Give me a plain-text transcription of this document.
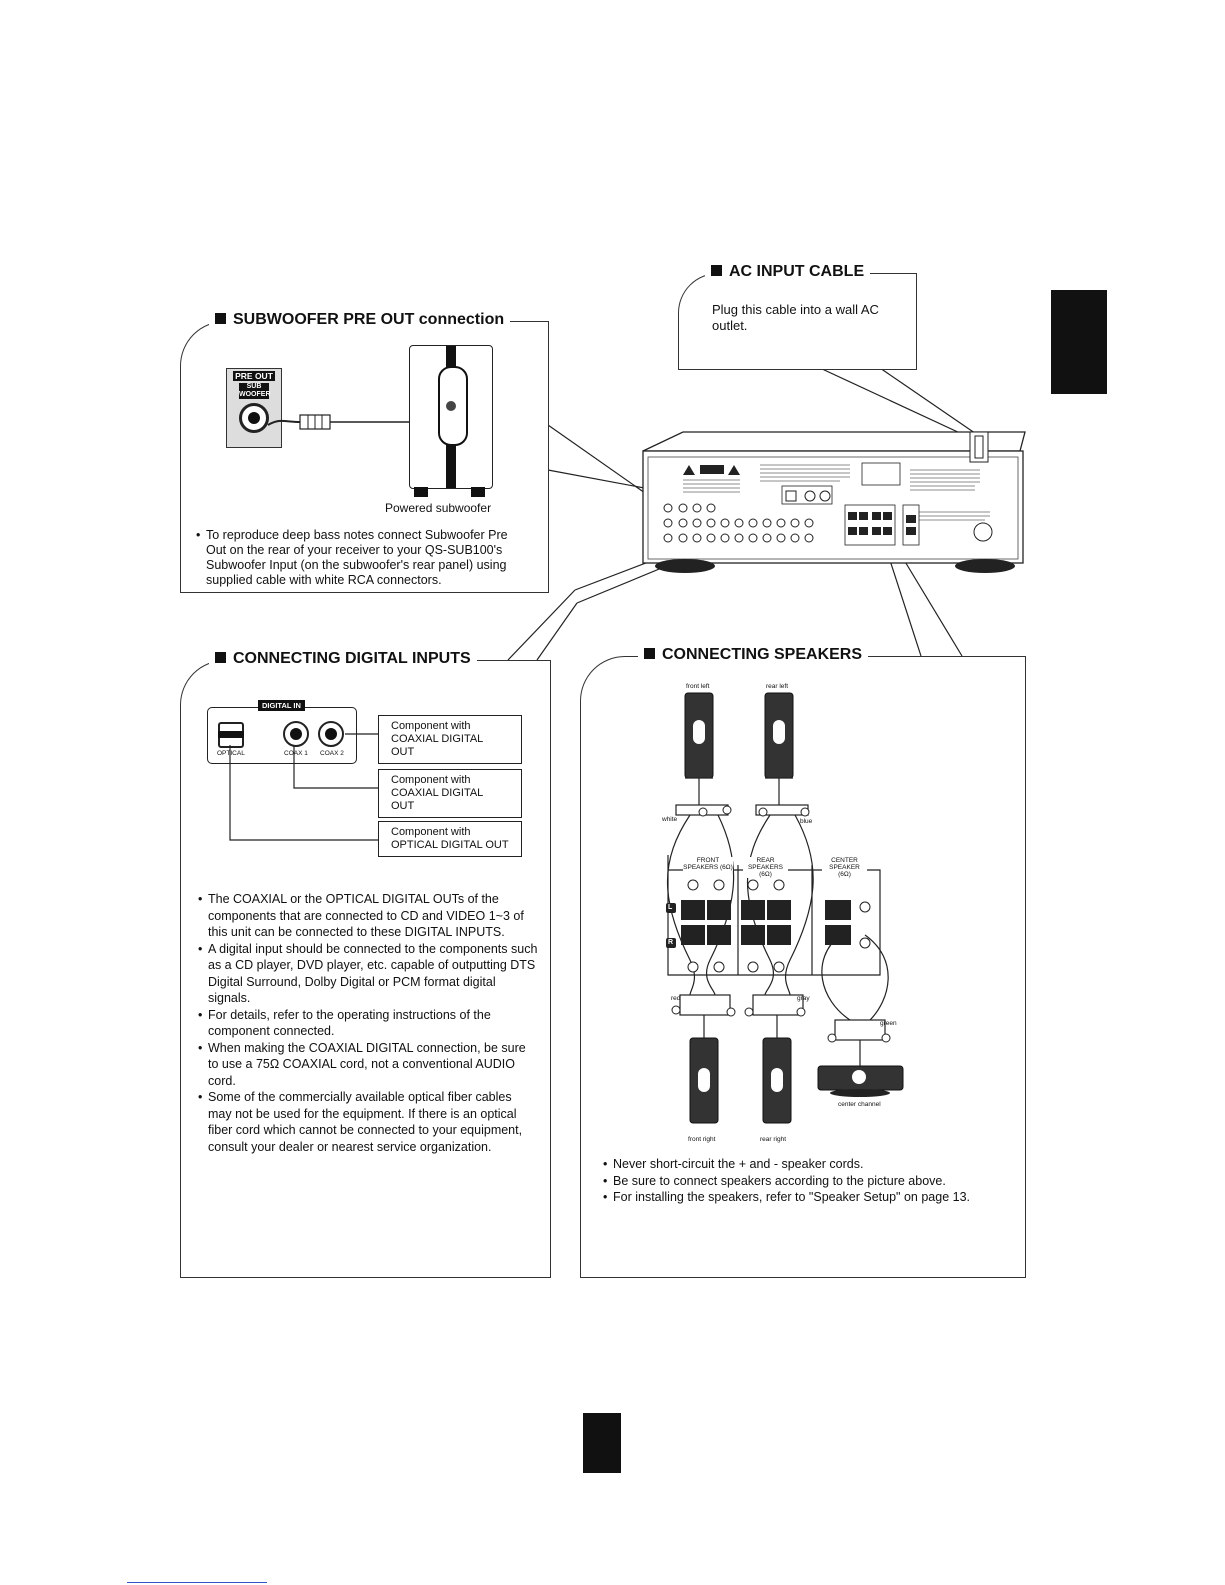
AC INPUT CABLE
Plug this cable into a wall AC outlet.
SUBWOOFER PRE OUT connection
PRE OUT
SUB WOOFER
Powered subwoofer
• To reproduce deep bass notes connect Subwoofer Pre Out on the rear of your receiver to your QS-SUB100's Subwoofer Input (on the subwoofer's rear panel) using supplied cable with white RCA connectors.
CONNECTING DIGITAL INPUTS
DIGITAL IN
OPTICAL	COAX 1 COAX 2
Component with
COAXIAL DIGITAL OUT
Component with
COAXIAL DIGITAL OUT
Component with
OPTICAL DIGITAL OUT
• The COAXIAL or the OPTICAL DIGITAL OUTs of the components that are connected to CD and VIDEO 1~3 of this unit can be connected to these DIGITAL INPUTS.
• A digital input should be connected to the components such as a CD player, DVD player, etc. capable of outputting DTS Digital Surround, Dolby Digital or PCM format digital signals.
• For details, refer to the operating instructions of the component connected.
• When making the COAXIAL DIGITAL connection, be sure to use a 75Ω COAXIAL cord, not a conventional AUDIO cord.
• Some of the commercially available optical fiber cables may not be used for the equipment. If there is an optical fiber cord which cannot be connected to your equipment, consult your dealer or nearest service organization.
CONNECTING SPEAKERS
front left	rear left
white	blue
red	gray
green
front right	rear right
center channel
FRONT SPEAKERS (6Ω)
REAR SPEAKERS (6Ω)
CENTER SPEAKER (6Ω)
L
R
• Never short-circuit the + and - speaker cords.
• Be sure to connect speakers according to the picture above.
• For installing the speakers, refer to "Speaker Setup" on page 13.
